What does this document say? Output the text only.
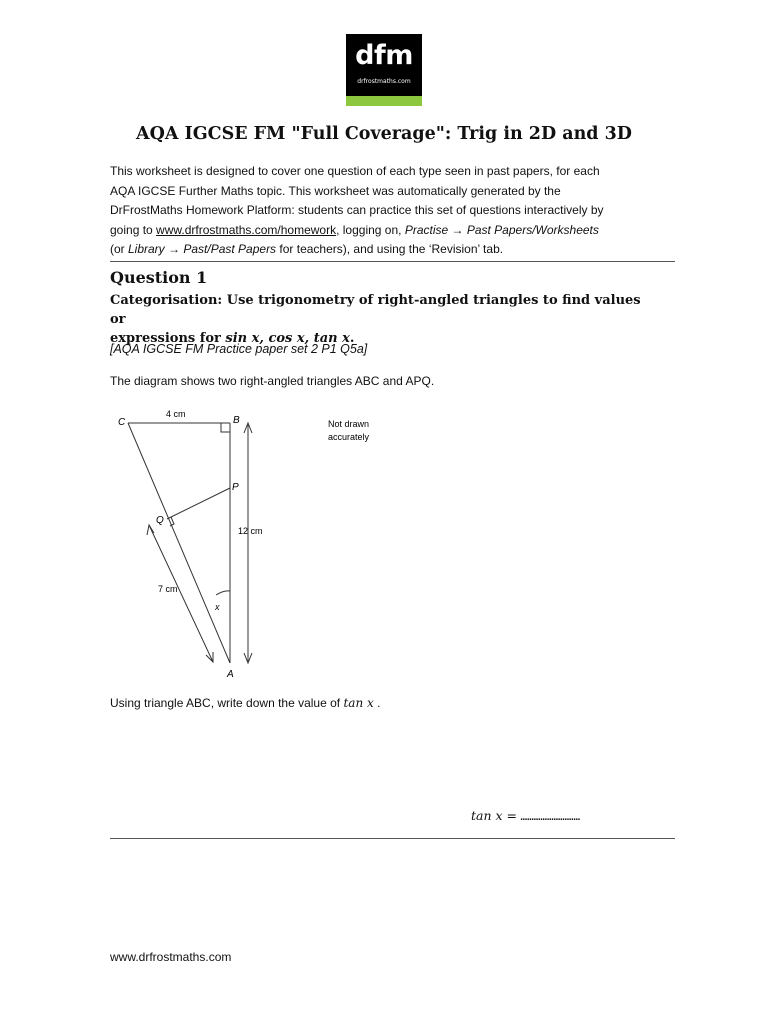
dfm
drfrostmaths.com
AQA IGCSE FM "Full Coverage": Trig in 2D and 3D
This worksheet is designed to cover one question of each type seen in past papers, for each
AQA IGCSE Further Maths topic. This worksheet was automatically generated by the
DrFrostMaths Homework Platform: students can practice this set of questions interactively by
going to www.drfrostmaths.com/homework, logging on, Practise → Past Papers/Worksheets
(or Library → Past/Past Papers for teachers), and using the ‘Revision’ tab.
Question 1
Categorisation: Use trigonometry of right-angled triangles to find values or
expressions for sin x, cos x, tan x.
[AQA IGCSE FM Practice paper set 2 P1 Q5a]
The diagram shows two right-angled triangles ABC and APQ.
C	B
P
Q
A
x
4 cm
12 cm
7 cm
Not drawn
accurately
Using triangle ABC, write down the value of tan x .
tan x = ………………………
www.drfrostmaths.com
